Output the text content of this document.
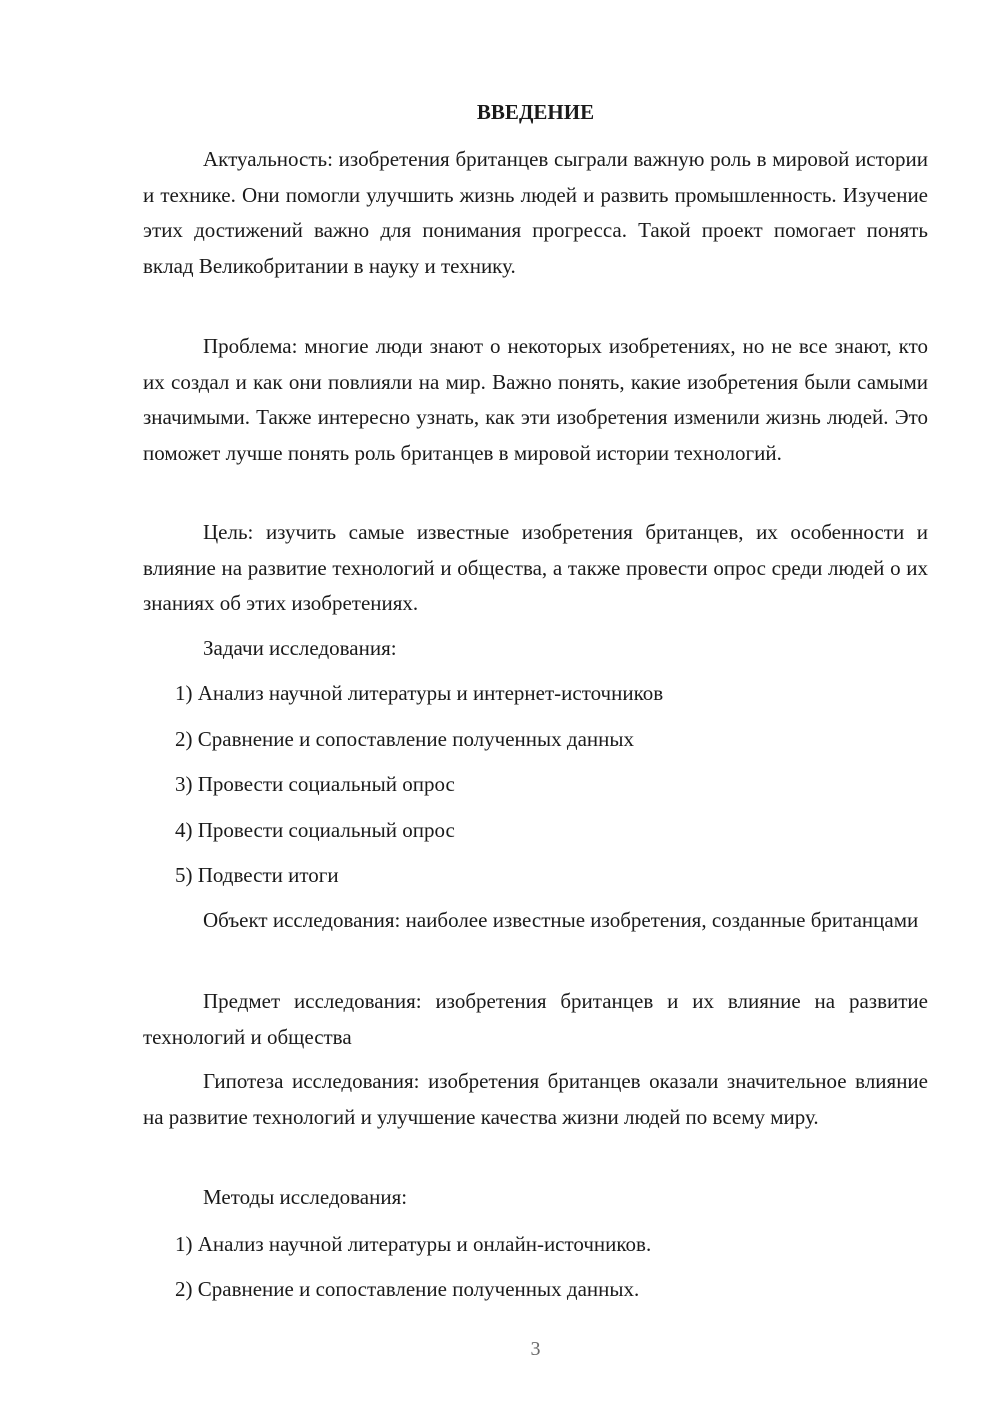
ВВЕДЕНИЕ

Актуальность: изобретения британцев сыграли важную роль в мировой истории и технике. Они помогли улучшить жизнь людей и развить промышленность. Изучение этих достижений важно для понимания прогресса. Такой проект помогает понять вклад Великобритании в науку и технику.

Проблема: многие люди знают о некоторых изобретениях, но не все знают, кто их создал и как они повлияли на мир. Важно понять, какие изобретения были самыми значимыми. Также интересно узнать, как эти изобретения изменили жизнь людей. Это поможет лучше понять роль британцев в мировой истории технологий.

Цель: изучить самые известные изобретения британцев, их особенности и влияние на развитие технологий и общества, а также провести опрос среди людей о их знаниях об этих изобретениях.

Задачи исследования:

1) Анализ научной литературы и интернет-источников

2) Сравнение и сопоставление полученных данных

3) Провести социальный опрос

4) Провести социальный опрос

5) Подвести итоги

Объект исследования: наиболее известные изобретения, созданные британцами

Предмет исследования: изобретения британцев и их влияние на развитие технологий и общества

Гипотеза исследования: изобретения британцев оказали значительное влияние на развитие технологий и улучшение качества жизни людей по всему миру.

Методы исследования:

1) Анализ научной литературы и онлайн-источников.

2) Сравнение и сопоставление полученных данных.

3
